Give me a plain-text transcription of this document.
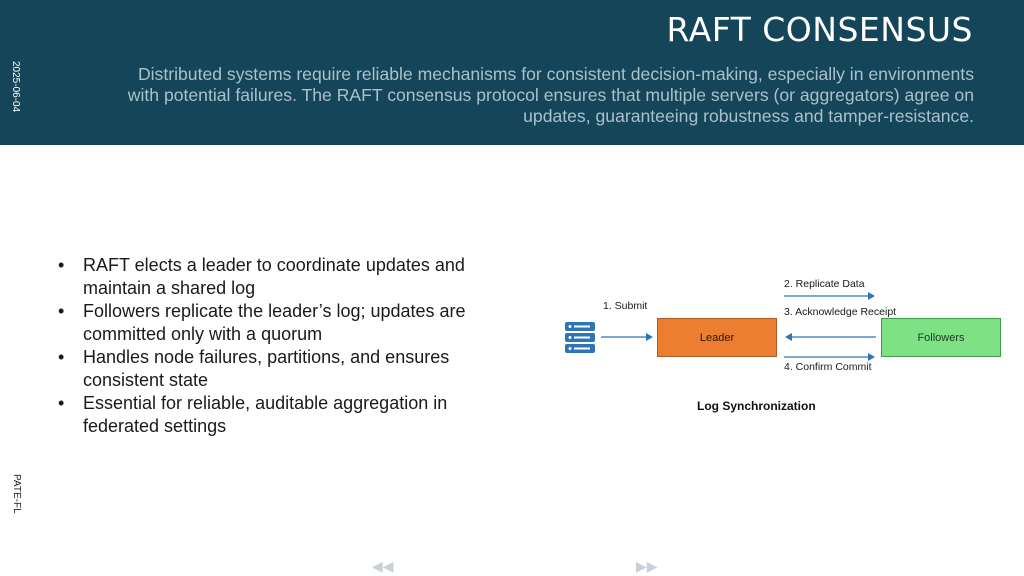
RAFT CONSENSUS
Distributed systems require reliable mechanisms for consistent decision-making, especially in environments with potential failures. The RAFT consensus protocol ensures that multiple servers (or aggregators) agree on updates, guaranteeing robustness and tamper-resistance.
2025-06-04
PATE-FL
• RAFT elects a leader to coordinate updates and maintain a shared log
• Followers replicate the leader’s log; updates are committed only with a quorum
• Handles node failures, partitions, and ensures consistent state
• Essential for reliable, auditable aggregation in federated settings
1. Submit
Leader	Followers
2. Replicate Data
3. Acknowledge Receipt
4. Confirm Commit
Log Synchronization
◀◀	▶▶
